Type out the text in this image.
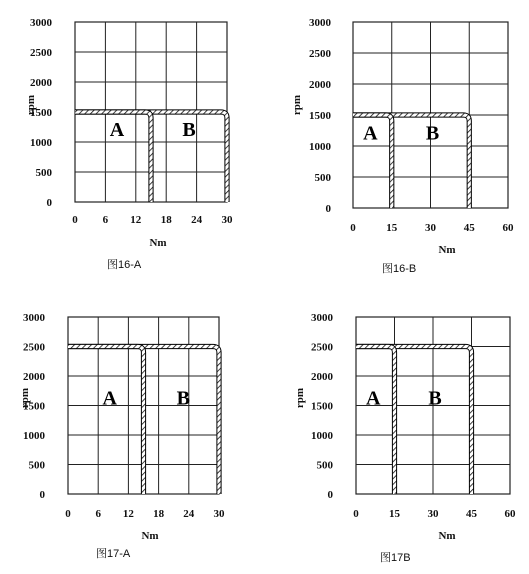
0
500
1000
1500
2000
2500
3000
0 6 12 18 24 30
Nm
rpm
A	B
图16-A
0
500
1000
1500
2000
2500
3000
0	15	30	45	60
Nm
rpm
A B
图16-B
0
500
1000
1500
2000
2500
3000
0 6 12 18 24 30
Nm
rpm	A	B
图17-A
0
500
1000
1500
2000
2500
3000
0	15	30	45	60
Nm
rpm	A B
图17B
